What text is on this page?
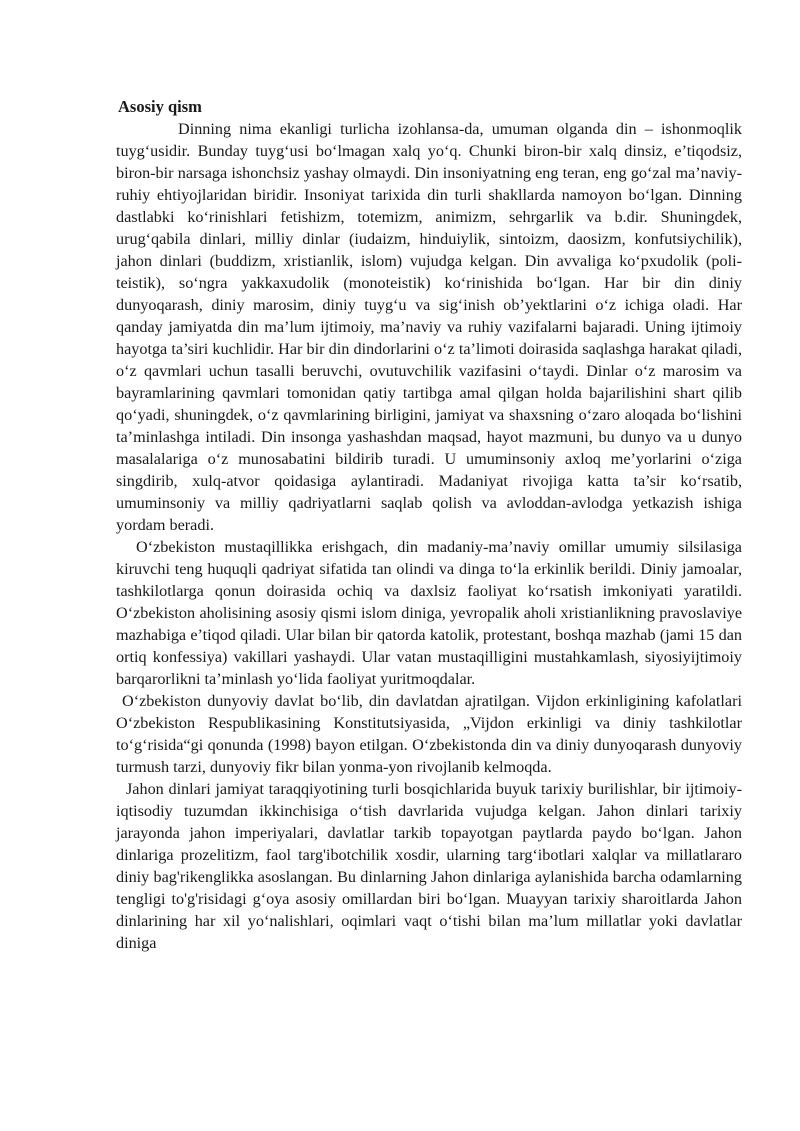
Asosiy qism

Dinning nima ekanligi turlicha izohlansa-da, umuman olganda din – ishonmoqlik tuyg‘usidir. Bunday tuyg‘usi bo‘lmagan xalq yo‘q. Chunki biron-bir xalq dinsiz, e’tiqodsiz, biron-bir narsaga ishonchsiz yashay olmaydi. Din insoniyatning eng teran, eng go‘zal ma’naviy-ruhiy ehtiyojlaridan biridir. Insoniyat tarixida din turli shakllarda namoyon bo‘lgan. Dinning dastlabki ko‘rinishlari fetishizm, totemizm, animizm, sehrgarlik va b.dir. Shuningdek, urug‘qabila dinlari, milliy dinlar (iudaizm, hinduiylik, sintoizm, daosizm, konfutsiychilik), jahon dinlari (buddizm, xristianlik, islom) vujudga kelgan. Din avvaliga ko‘pxudolik (poli-teistik), so‘ngra yakkaxudolik (monoteistik) ko‘rinishida bo‘lgan. Har bir din diniy dunyoqarash, diniy marosim, diniy tuyg‘u va sig‘inish ob’yektlarini o‘z ichiga oladi. Har qanday jamiyatda din ma’lum ijtimoiy, ma’naviy va ruhiy vazifalarni bajaradi. Uning ijtimoiy hayotga ta’siri kuchlidir. Har bir din dindorlarini o‘z ta’limoti doirasida saqlashga harakat qiladi, o‘z qavmlari uchun tasalli beruvchi, ovutuvchilik vazifasini o‘taydi. Dinlar o‘z marosim va bayramlarining qavmlari tomonidan qatiy tartibga amal qilgan holda bajarilishini shart qilib qo‘yadi, shuningdek, o‘z qavmlarining birligini, jamiyat va shaxsning o‘zaro aloqada bo‘lishini ta’minlashga intiladi. Din insonga yashashdan maqsad, hayot mazmuni, bu dunyo va u dunyo masalalariga o‘z munosabatini bildirib turadi. U umuminsoniy axloq me’yorlarini o‘ziga singdirib, xulq-atvor qoidasiga aylantiradi. Madaniyat rivojiga katta ta’sir ko‘rsatib, umuminsoniy va milliy qadriyatlarni saqlab qolish va avloddan-avlodga yetkazish ishiga yordam beradi.

O‘zbekiston mustaqillikka erishgach, din madaniy-ma’naviy omillar umumiy silsilasiga kiruvchi teng huquqli qadriyat sifatida tan olindi va dinga to‘la erkinlik berildi. Diniy jamoalar, tashkilotlarga qonun doirasida ochiq va daxlsiz faoliyat ko‘rsatish imkoniyati yaratildi. O‘zbekiston aholisining asosiy qismi islom diniga, yevropalik aholi xristianlikning pravoslaviye mazhabiga e’tiqod qiladi. Ular bilan bir qatorda katolik, protestant, boshqa mazhab (jami 15 dan ortiq konfessiya) vakillari yashaydi. Ular vatan mustaqilligini mustahkamlash, siyosiyijtimoiy barqarorlikni ta’minlash yo‘lida faoliyat yuritmoqdalar.

O‘zbekiston dunyoviy davlat bo‘lib, din davlatdan ajratilgan. Vijdon erkinligining kafolatlari O‘zbekiston Respublikasining Konstitutsiyasida, „Vijdon erkinligi va diniy tashkilotlar to‘g‘risida“gi qonunda (1998) bayon etilgan. O‘zbekistonda din va diniy dunyoqarash dunyoviy turmush tarzi, dunyoviy fikr bilan yonma-yon rivojlanib kelmoqda.

Jahon dinlari jamiyat taraqqiyotining turli bosqichlarida buyuk tarixiy burilishlar, bir ijtimoiy-iqtisodiy tuzumdan ikkinchisiga o‘tish davrlarida vujudga kelgan. Jahon dinlari tarixiy jarayonda jahon imperiyalari, davlatlar tarkib topayotgan paytlarda paydo bo‘lgan. Jahon dinlariga prozelitizm, faol targ'ibotchilik xosdir, ularning targ‘ibotlari xalqlar va millatlararo diniy bag'rikenglikka asoslangan. Bu dinlarning Jahon dinlariga aylanishida barcha odamlarning tengligi to'g'risidagi g‘oya asosiy omillardan biri bo‘lgan. Muayyan tarixiy sharoitlarda Jahon dinlarining har xil yo‘nalishlari, oqimlari vaqt o‘tishi bilan ma’lum millatlar yoki davlatlar diniga
